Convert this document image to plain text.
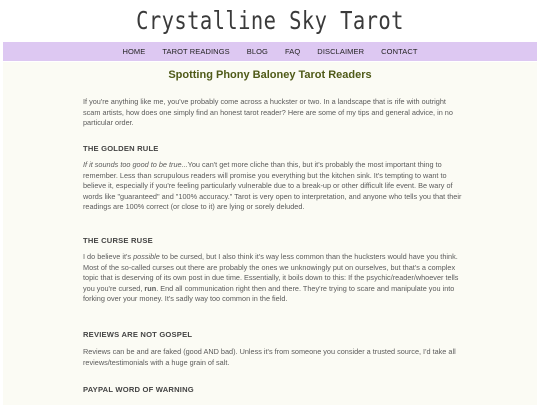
Crystalline Sky Tarot
HOME TAROT READINGS BLOG FAQ DISCLAIMER CONTACT
Spotting Phony Baloney Tarot Readers

If you're anything like me, you've probably come across a huckster or two. In a landscape that is rife with outright scam artists, how does one simply find an honest tarot reader? Here are some of my tips and general advice, in no particular order.

THE GOLDEN RULE

If it sounds too good to be true...You can't get more cliche than this, but it's probably the most important thing to remember. Less than scrupulous readers will promise you everything but the kitchen sink. It's tempting to want to believe it, especially if you're feeling particularly vulnerable due to a break-up or other difficult life event. Be wary of words like "guaranteed" and "100% accuracy." Tarot is very open to interpretation, and anyone who tells you that their readings are 100% correct (or close to it) are lying or sorely deluded.

THE CURSE RUSE

I do believe it's possible to be cursed, but I also think it's way less common than the hucksters would have you think. Most of the so-called curses out there are probably the ones we unknowingly put on ourselves, but that's a complex topic that is deserving of its own post in due time. Essentially, it boils down to this: If the psychic/reader/whoever tells you you're cursed, run. End all communication right then and there. They're trying to scare and manipulate you into forking over your money. It's sadly way too common in the field.

REVIEWS ARE NOT GOSPEL

Reviews can be and are faked (good AND bad). Unless it's from someone you consider a trusted source, I'd take all reviews/testimonials with a huge grain of salt.

PAYPAL WORD OF WARNING
